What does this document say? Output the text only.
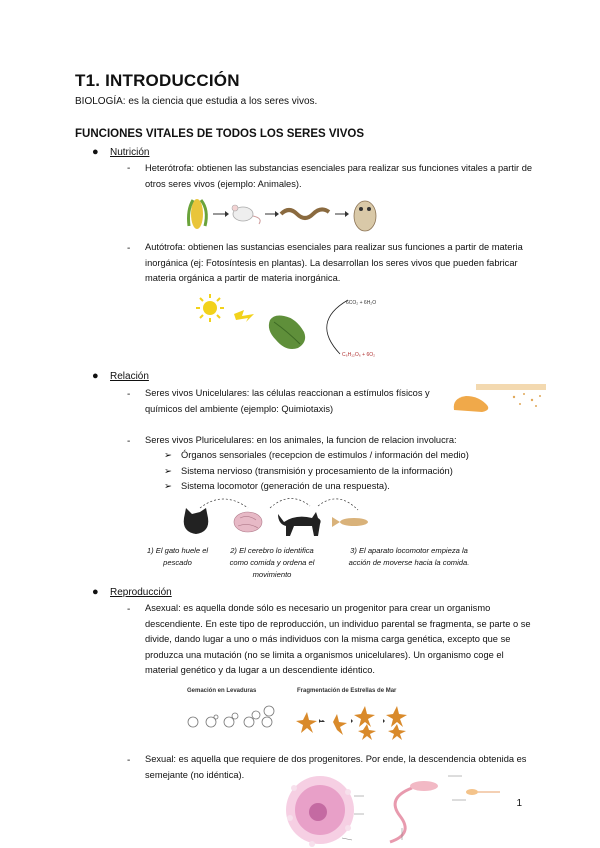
T1. INTRODUCCIÓN
BIOLOGÍA: es la ciencia que estudia a los seres vivos.
FUNCIONES VITALES DE TODOS LOS SERES VIVOS
● Nutrición
- Heterótrofa: obtienen las substancias esenciales para realizar sus funciones vitales a partir de
otros seres vivos (ejemplo: Animales).
- Autótrofa: obtienen las sustancias esenciales para realizar sus funciones a partir de materia
inorgánica (ej: Fotosíntesis en plantas). La desarrollan los seres vivos que pueden fabricar
materia orgánica a partir de materia inorgánica.
6CO₂ + 6H₂O
C₆H₁₂O₆ + 6O₂
● Relación
- Seres vivos Unicelulares: las células reaccionan a estímulos físicos y
químicos del ambiente (ejemplo: Quimiotaxis)
- Seres vivos Pluricelulares: en los animales, la funcion de relacion involucra:
➢ Órganos sensoriales (recepcion de estimulos / información del medio)
➢ Sistema nervioso (transmisión y procesamiento de la información)
➢ Sistema locomotor (generación de una respuesta).
1) El gato huele el
pescado
2) El cerebro lo identifica
como comida y ordena el
movimiento
3) El aparato locomotor empieza la
acción de moverse hacia la comida.
● Reproducción
- Asexual: es aquella donde sólo es necesario un progenitor para crear un organismo
descendiente. En este tipo de reproducción, un individuo parental se fragmenta, se parte o se
divide, dando lugar a uno o más individuos con la misma carga genética, excepto que se
produzca una mutación (no se limita a organismos unicelulares). Un organismo coge el
material genético y da lugar a un descendiente idéntico.
Gemación en Levaduras	Fragmentación de Estrellas de Mar
- Sexual: es aquella que requiere de dos progenitores. Por ende, la descendencia obtenida es
semejante (no idéntica).
1
